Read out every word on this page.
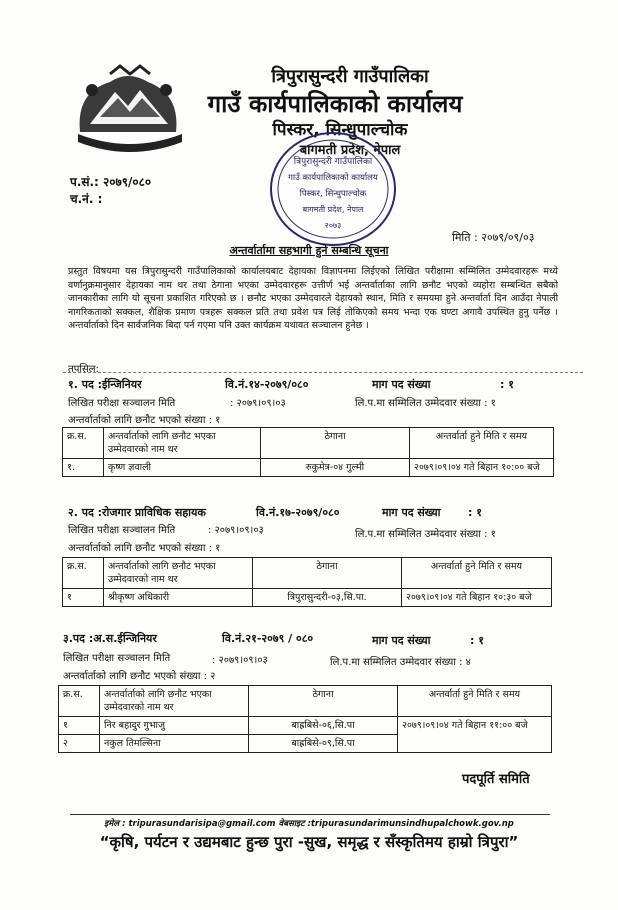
त्रिपुरासुन्दरी गाउँपालिका
गाउँ कार्यपालिकाको कार्यालय
पिस्कर, सिन्धुपाल्चोक
बागमती प्रदेश, नेपाल
त्रिपुरासुन्दरी गाउँपालिका
गाउँ कार्यपालिकाको कार्यालय
पिस्कर, सिन्धुपाल्चोक
बागमती प्रदेश, नेपाल
२०७३
प.सं.: २०७९/०८०
च.नं. :
मिति : २०७९/०९/०३
अन्तर्वार्तामा सहभागी हुने सम्बन्धि सूचना
प्रस्तुत विषयमा यस त्रिपुरासुन्दरी गाउँपालिकाको कार्यालयबाट देहायका विज्ञापनमा लिईएको लिखित परीक्षामा सम्मिलित उम्मेदवारहरू मध्ये वर्णानुक्रमानुसार देहायका नाम थर तथा ठेगाना भएका उम्मेदवारहरू उत्तीर्ण भई अन्तर्वार्ताका लागि छनौट भएको व्यहोरा सम्बन्धित सबैको जानकारीका लागि यो सूचना प्रकाशित गरिएको छ । छनौट भएका उम्मेदवारले देहायको स्थान, मिति र समयमा हुने अन्तर्वार्ता दिन आउँदा नेपाली नागरिकताको सक्कल, शैक्षिक प्रमाण पत्रहरू सक्कल प्रति तथा प्रवेश पत्र लिई तोकिएको समय भन्दा एक घण्टा अगावै उपस्थित हुनु पर्नेछ । अन्तर्वार्ताको दिन सार्वजनिक बिदा पर्न गएमा पनि उक्त कार्यक्रम यथावत सञ्चालन हुनेछ ।
तपसिल:
१. पद :ईन्जिनियर	वि.नं.१४-२०७९/०८०	माग पद संख्या	: १
लिखित परीक्षा सञ्चालन मिति	: २०७९।०९।०३	लि.प.मा सम्मिलित उम्मेदवार संख्या : १
अन्तर्वार्ताको लागि छनौट भएको संख्या : १
क्र.स.	अन्तर्वार्ताको लागि छनौट भएका उम्मेदवारको नाम थर	ठेगाना	अन्तर्वार्ता हुने मिति र समय
१.	कृष्ण ज्ञवाली	रुकुमेत्र-०४ गुल्मी	२०७९।०९।०४ गते बिहान १०:०० बजे
२. पद :रोजगार प्राविधिक सहायक	वि.नं.१७-२०७९/०८०	माग पद संख्या	: १
लिखित परीक्षा सञ्चालन मिति	: २०७९।०९।०३	लि.प.मा सम्मिलित उम्मेदवार संख्या : १
अन्तर्वार्ताको लागि छनौट भएको संख्या : १
क्र.स.	अन्तर्वार्ताको लागि छनौट भएका उम्मेदवारको नाम थर	ठेगाना	अन्तर्वार्ता हुने मिति र समय
१	श्रीकृष्ण अधिकारी	त्रिपुरासुन्दरी-०३,सि.पा.	२०७९।०९।०४ गते बिहान १०:३० बजे
३.पद :अ.स.ईन्जिनियर	वि.नं.२१-२०७९ / ०८०	माग पद संख्या	: १
लिखित परीक्षा सञ्चालन मिति	: २०७९।०९।०३	लि.प.मा सम्मिलित उम्मेदवार संख्या : ४
अन्तर्वार्ताको लागि छनौट भएको संख्या : २
क्र.स.	अन्तर्वार्ताको लागि छनौट भएका उम्मेदवारको नाम थर	ठेगाना	अन्तर्वार्ता हुने मिति र समय
१	निर बहादुर गुभाजु	बाह्रबिसे-०६,सि.पा	२०७९।०९।०४ गते बिहान ११:०० बजे
२	नकुल तिमल्सिना	बाह्रबिसे-०९,सि.पा	
पदपूर्ति समिति
इमेल : tripurasundarisipa@gmail.com वेबसाइट :tripurasundarimunsindhupalchowk.gov.np
“कृषि, पर्यटन र उद्यमबाट हुन्छ पुरा -सुख, समृद्ध र सँस्कृतिमय हाम्रो त्रिपुरा”
